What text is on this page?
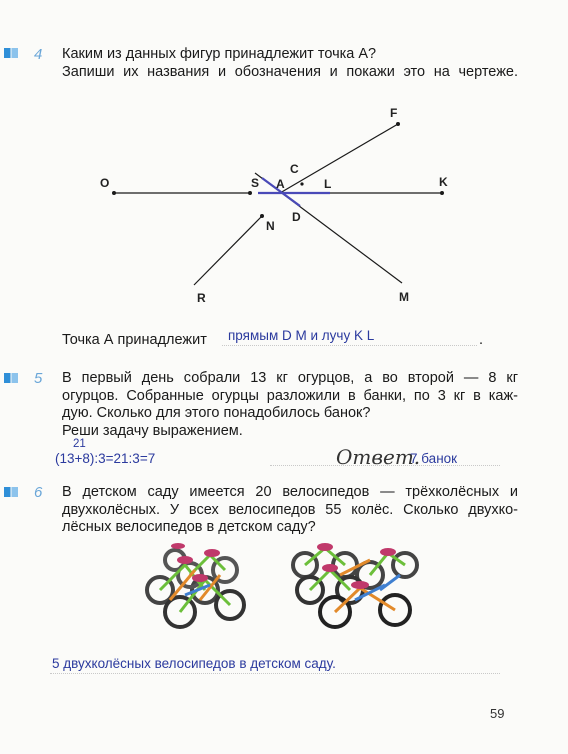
4 Каким из данных фигур принадлежит точка А?
Запиши их названия и обозначения и покажи это на чертеже.
O	S A
C
L	K
F
N
D
R	M
Точка А принадлежит прямым D M и лучу K L	.
5 В первый день собрали 13 кг огурцов, а во второй — 8 кг
огурцов. Собранные огурцы разложили в банки, по 3 кг в каж-
дую. Сколько для этого понадобилось банок?
Реши задачу выражением.
21
(13+8):3=21:3=7	Ответ.
7 банок
6 В детском саду имеется 20 велосипедов — трёхколёсных и
двухколёсных. У всех велосипедов 55 колёс. Сколько двухко-
лёсных велосипедов в детском саду?
5 двухколёсных велосипедов в детском саду.
59
